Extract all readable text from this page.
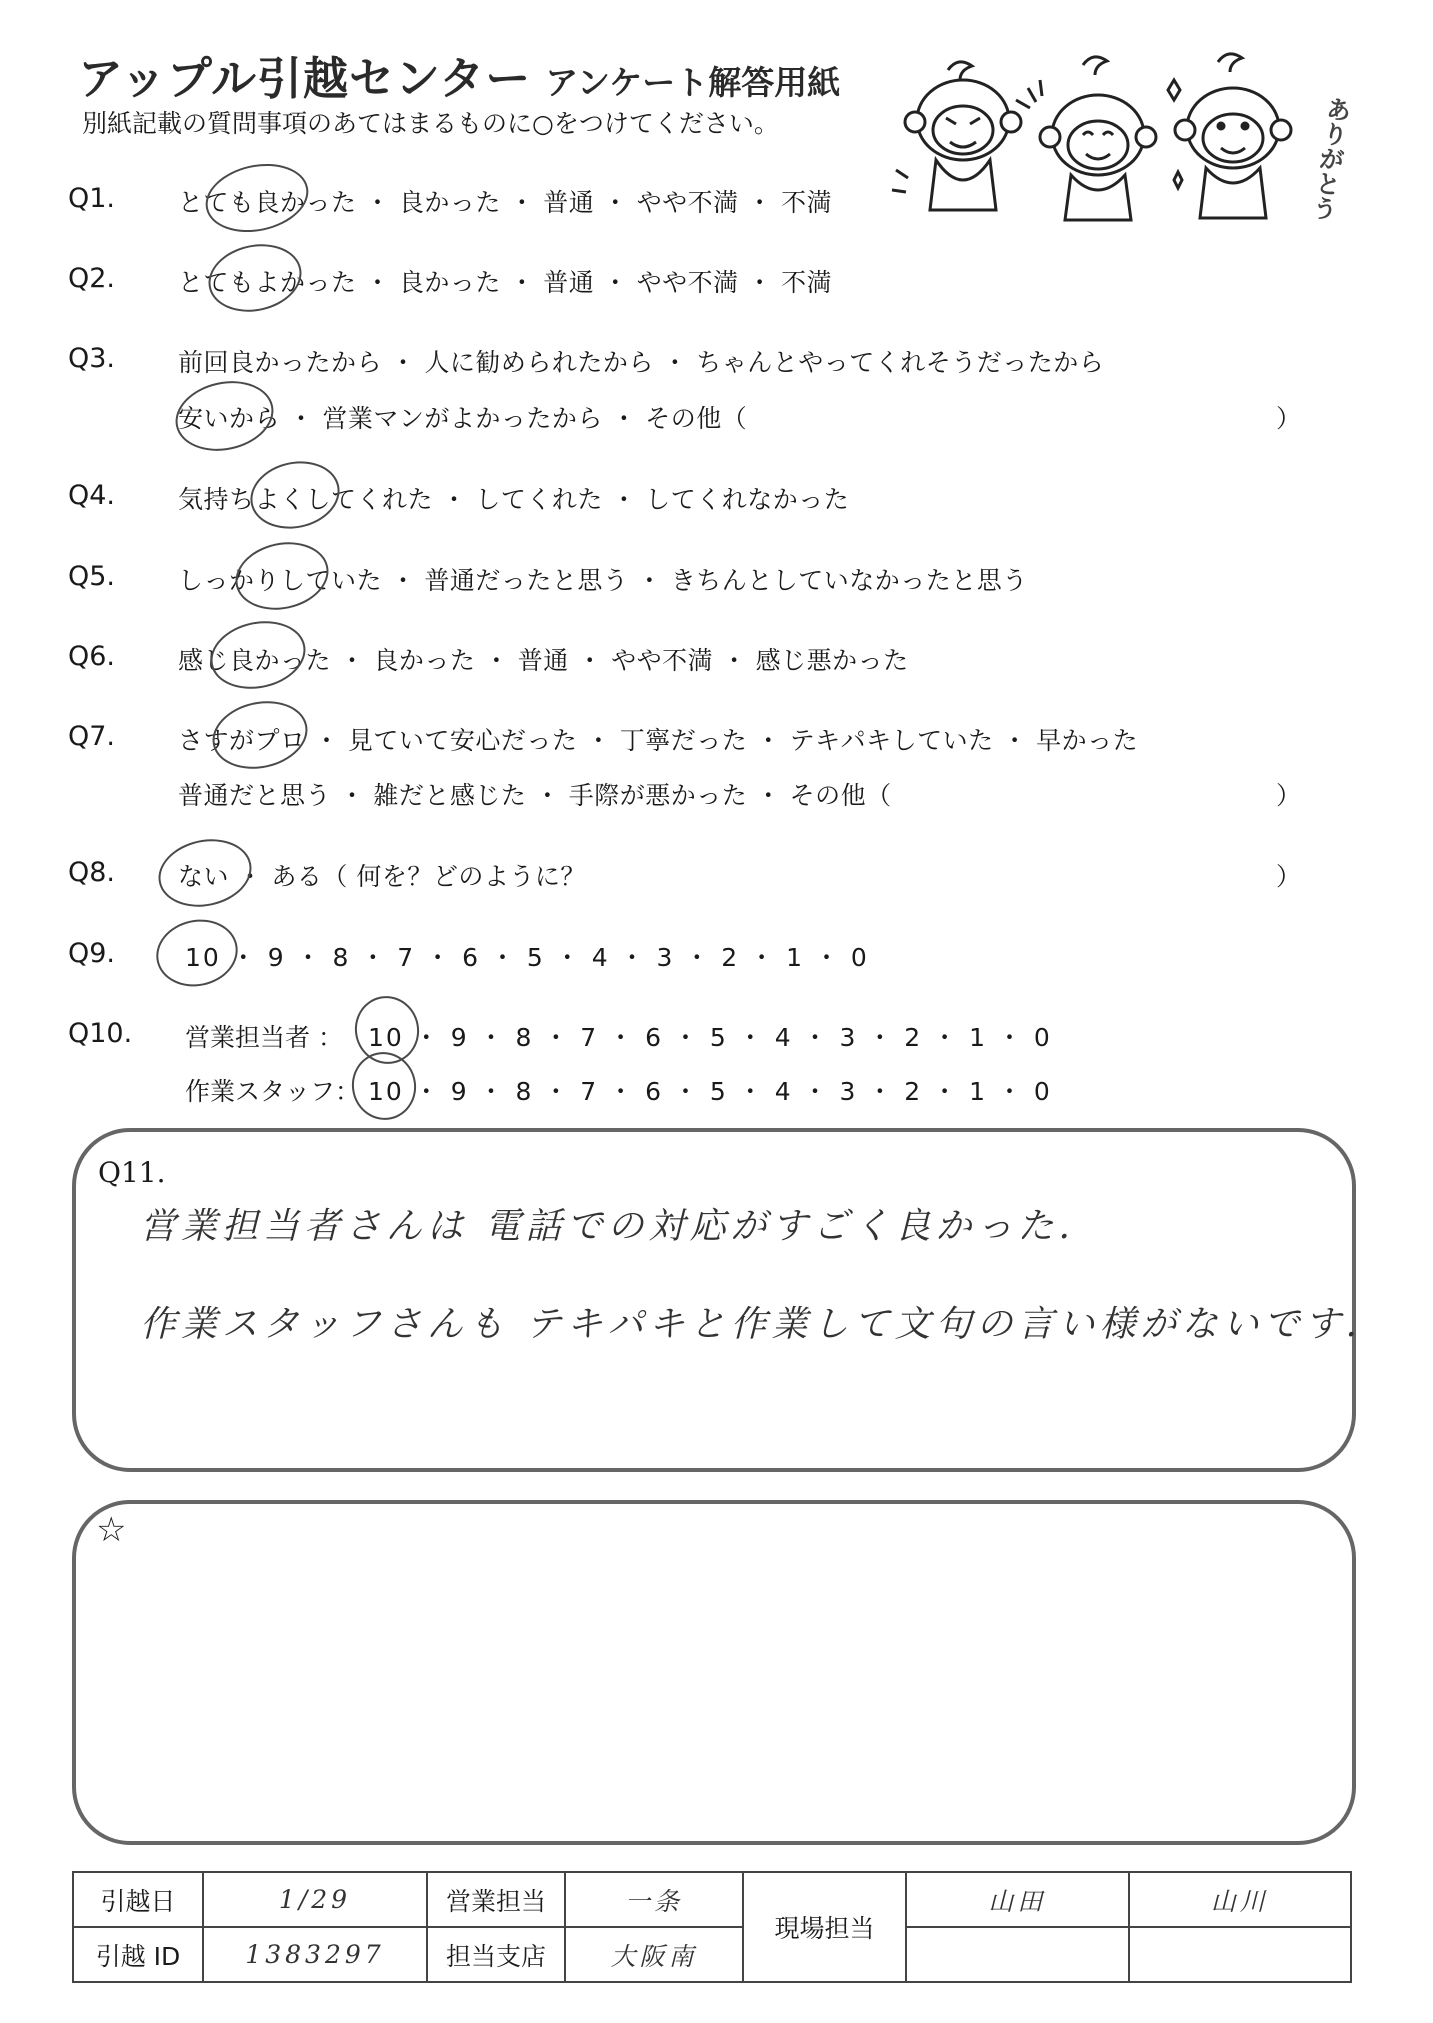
アップル引越センター アンケート解答用紙
別紙記載の質問事項のあてはまるものに○をつけてください。	ありがとう
Q1.	とても良かった ・ 良かった ・ 普通 ・ やや不満 ・ 不満
Q2.	とてもよかった ・ 良かった ・ 普通 ・ やや不満 ・ 不満
Q3.	前回良かったから ・ 人に勧められたから ・ ちゃんとやってくれそうだったから
安いから ・ 営業マンがよかったから ・ その他（	）
Q4.	気持ちよくしてくれた ・ してくれた ・ してくれなかった
Q5.	しっかりしていた ・ 普通だったと思う ・ きちんとしていなかったと思う
Q6.	感じ良かった ・ 良かった ・ 普通 ・ やや不満 ・ 感じ悪かった
Q7.	さすがプロ ・ 見ていて安心だった ・ 丁寧だった ・ テキパキしていた ・ 早かった
普通だと思う ・ 雑だと感じた ・ 手際が悪かった ・ その他（	）
Q8.	ない ・ ある（ 何を？どのように？	）
Q9.	10 ・ 9 ・ 8 ・ 7 ・ 6 ・ 5 ・ 4 ・ 3 ・ 2 ・ 1 ・ 0
Q10. 営業担当者 ： 10 ・ 9 ・ 8 ・ 7 ・ 6 ・ 5 ・ 4 ・ 3 ・ 2 ・ 1 ・ 0
作業スタッフ： 10 ・ 9 ・ 8 ・ 7 ・ 6 ・ 5 ・ 4 ・ 3 ・ 2 ・ 1 ・ 0
Q11.
営業担当者さんは 電話での対応がすごく良かった.
作業スタッフさんも テキパキと作業して文句の言い様がないです.
☆
引越日	1/29	営業担当	一条	現場担当	山田	山川
引越 ID	1383297	担当支店	大阪南			
